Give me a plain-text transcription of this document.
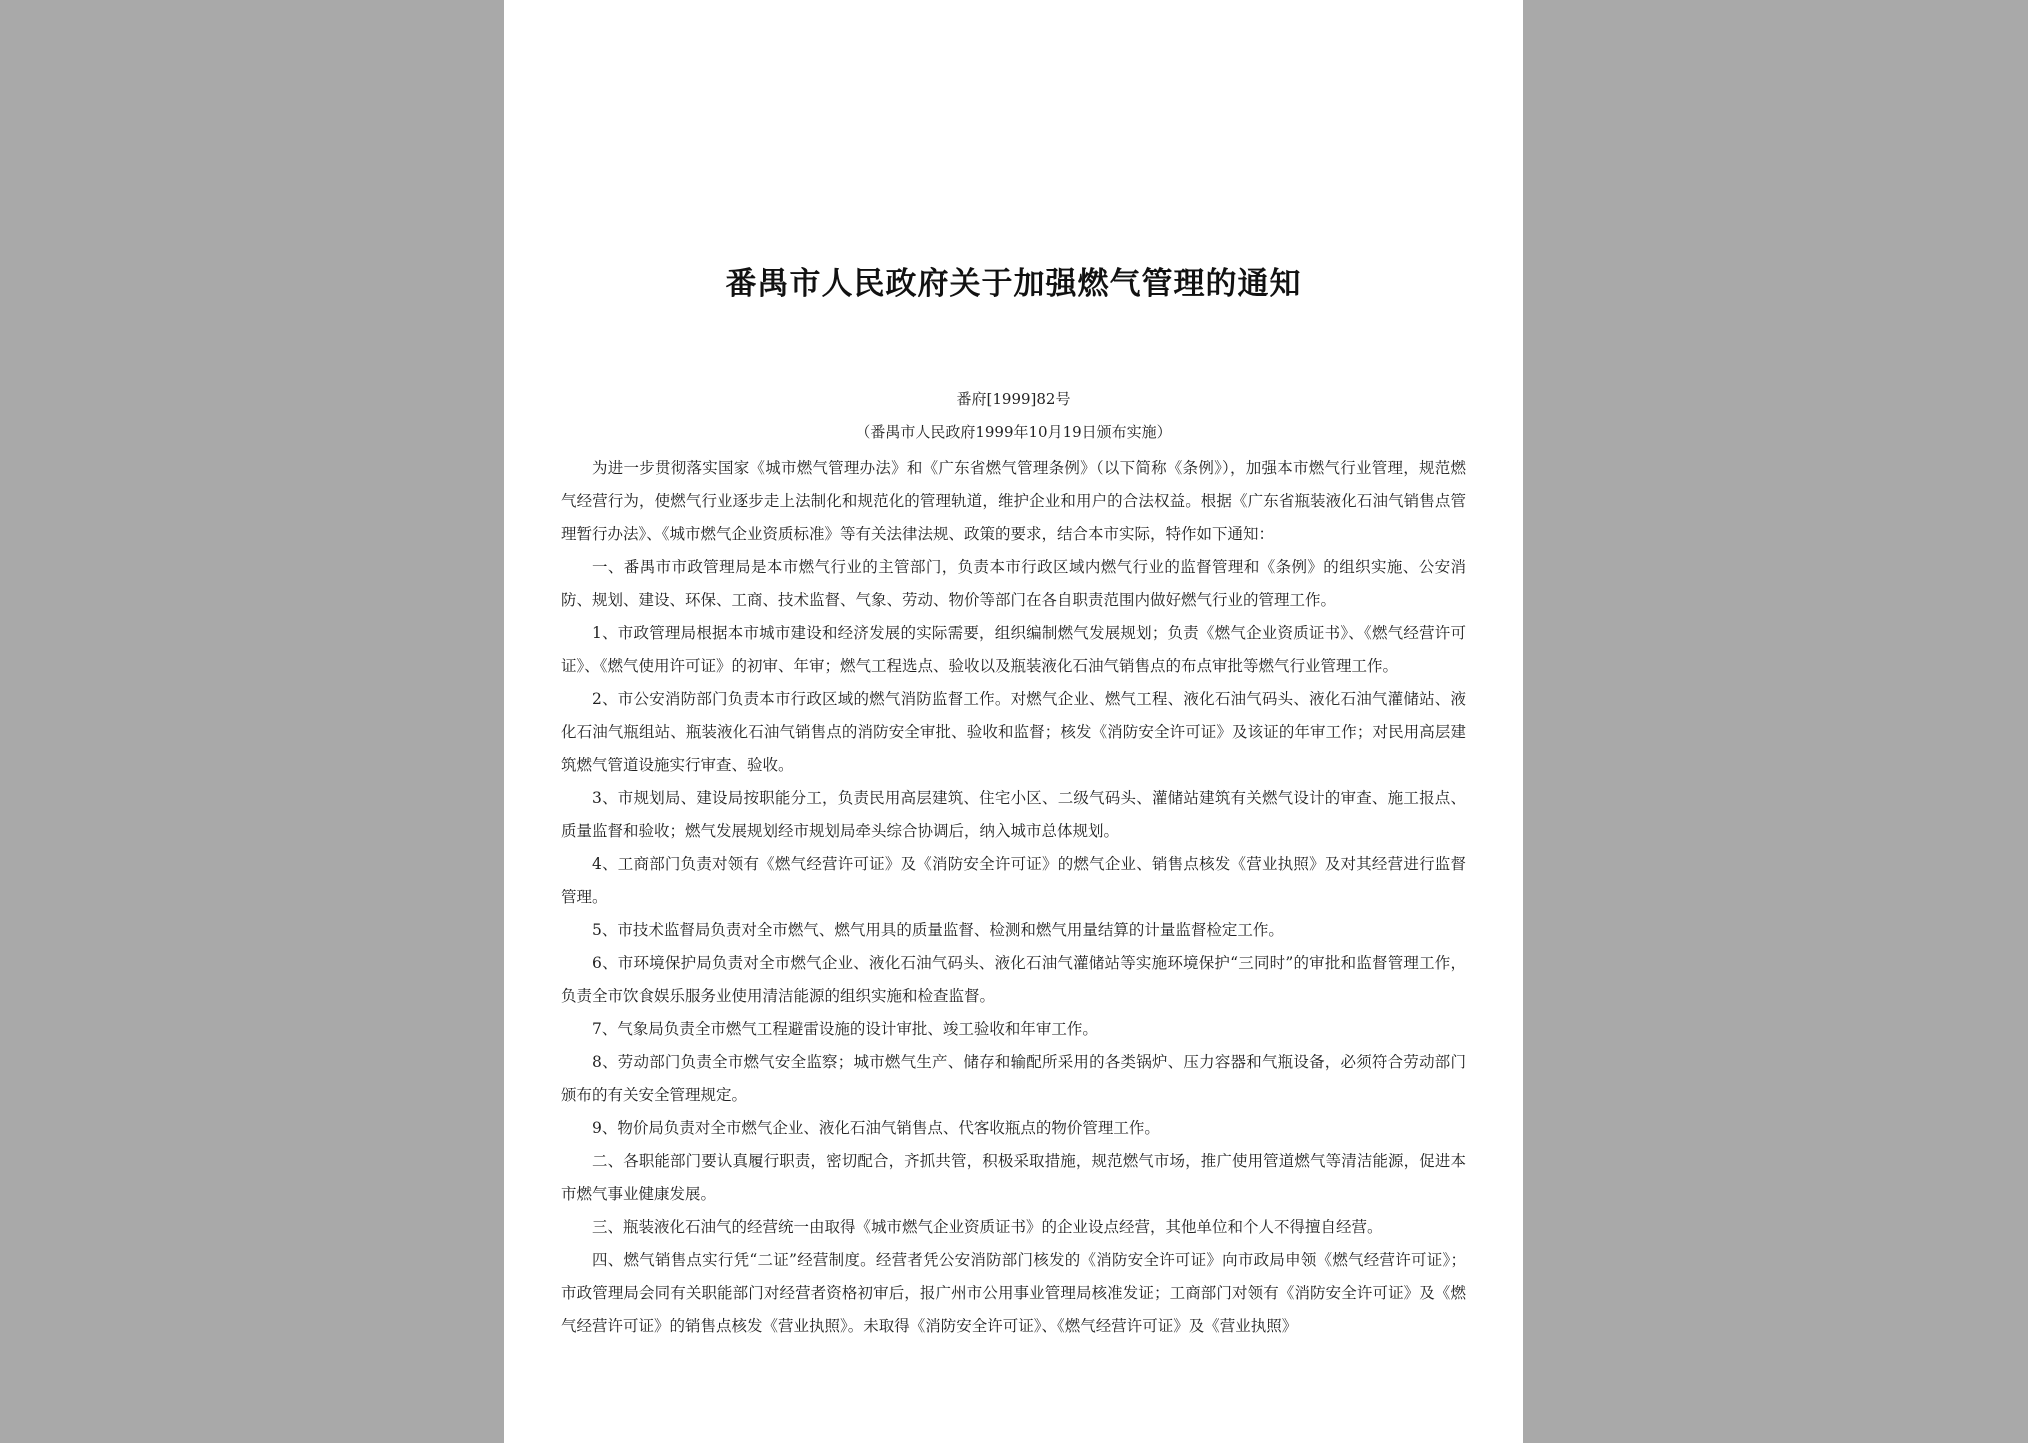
番禺市人民政府关于加强燃气管理的通知
番府[1999]82号
（番禺市人民政府1999年10月19日颁布实施）

为进一步贯彻落实国家《城市燃气管理办法》和《广东省燃气管理条例》（以下简称《条例》），加强本市燃气行业管理，规范燃气经营行为，使燃气行业逐步走上法制化和规范化的管理轨道，维护企业和用户的合法权益。根据《广东省瓶装液化石油气销售点管理暂行办法》、《城市燃气企业资质标准》等有关法律法规、政策的要求，结合本市实际，特作如下通知：

一、番禺市市政管理局是本市燃气行业的主管部门，负责本市行政区域内燃气行业的监督管理和《条例》的组织实施、公安消防、规划、建设、环保、工商、技术监督、气象、劳动、物价等部门在各自职责范围内做好燃气行业的管理工作。

1、市政管理局根据本市城市建设和经济发展的实际需要，组织编制燃气发展规划；负责《燃气企业资质证书》、《燃气经营许可证》、《燃气使用许可证》的初审、年审；燃气工程选点、验收以及瓶装液化石油气销售点的布点审批等燃气行业管理工作。

2、市公安消防部门负责本市行政区域的燃气消防监督工作。对燃气企业、燃气工程、液化石油气码头、液化石油气灌储站、液化石油气瓶组站、瓶装液化石油气销售点的消防安全审批、验收和监督；核发《消防安全许可证》及该证的年审工作；对民用高层建筑燃气管道设施实行审查、验收。

3、市规划局、建设局按职能分工，负责民用高层建筑、住宅小区、二级气码头、灌储站建筑有关燃气设计的审查、施工报点、质量监督和验收；燃气发展规划经市规划局牵头综合协调后，纳入城市总体规划。

4、工商部门负责对领有《燃气经营许可证》及《消防安全许可证》的燃气企业、销售点核发《营业执照》及对其经营进行监督管理。

5、市技术监督局负责对全市燃气、燃气用具的质量监督、检测和燃气用量结算的计量监督检定工作。

6、市环境保护局负责对全市燃气企业、液化石油气码头、液化石油气灌储站等实施环境保护“三同时”的审批和监督管理工作，负责全市饮食娱乐服务业使用清洁能源的组织实施和检查监督。

7、气象局负责全市燃气工程避雷设施的设计审批、竣工验收和年审工作。

8、劳动部门负责全市燃气安全监察；城市燃气生产、储存和输配所采用的各类锅炉、压力容器和气瓶设备，必须符合劳动部门颁布的有关安全管理规定。

9、物价局负责对全市燃气企业、液化石油气销售点、代客收瓶点的物价管理工作。

二、各职能部门要认真履行职责，密切配合，齐抓共管，积极采取措施，规范燃气市场，推广使用管道燃气等清洁能源，促进本市燃气事业健康发展。

三、瓶装液化石油气的经营统一由取得《城市燃气企业资质证书》的企业设点经营，其他单位和个人不得擅自经营。

四、燃气销售点实行凭“二证”经营制度。经营者凭公安消防部门核发的《消防安全许可证》向市政局申领《燃气经营许可证》；市政管理局会同有关职能部门对经营者资格初审后，报广州市公用事业管理局核准发证；工商部门对领有《消防安全许可证》及《燃气经营许可证》的销售点核发《营业执照》。未取得《消防安全许可证》、《燃气经营许可证》及《营业执照》
